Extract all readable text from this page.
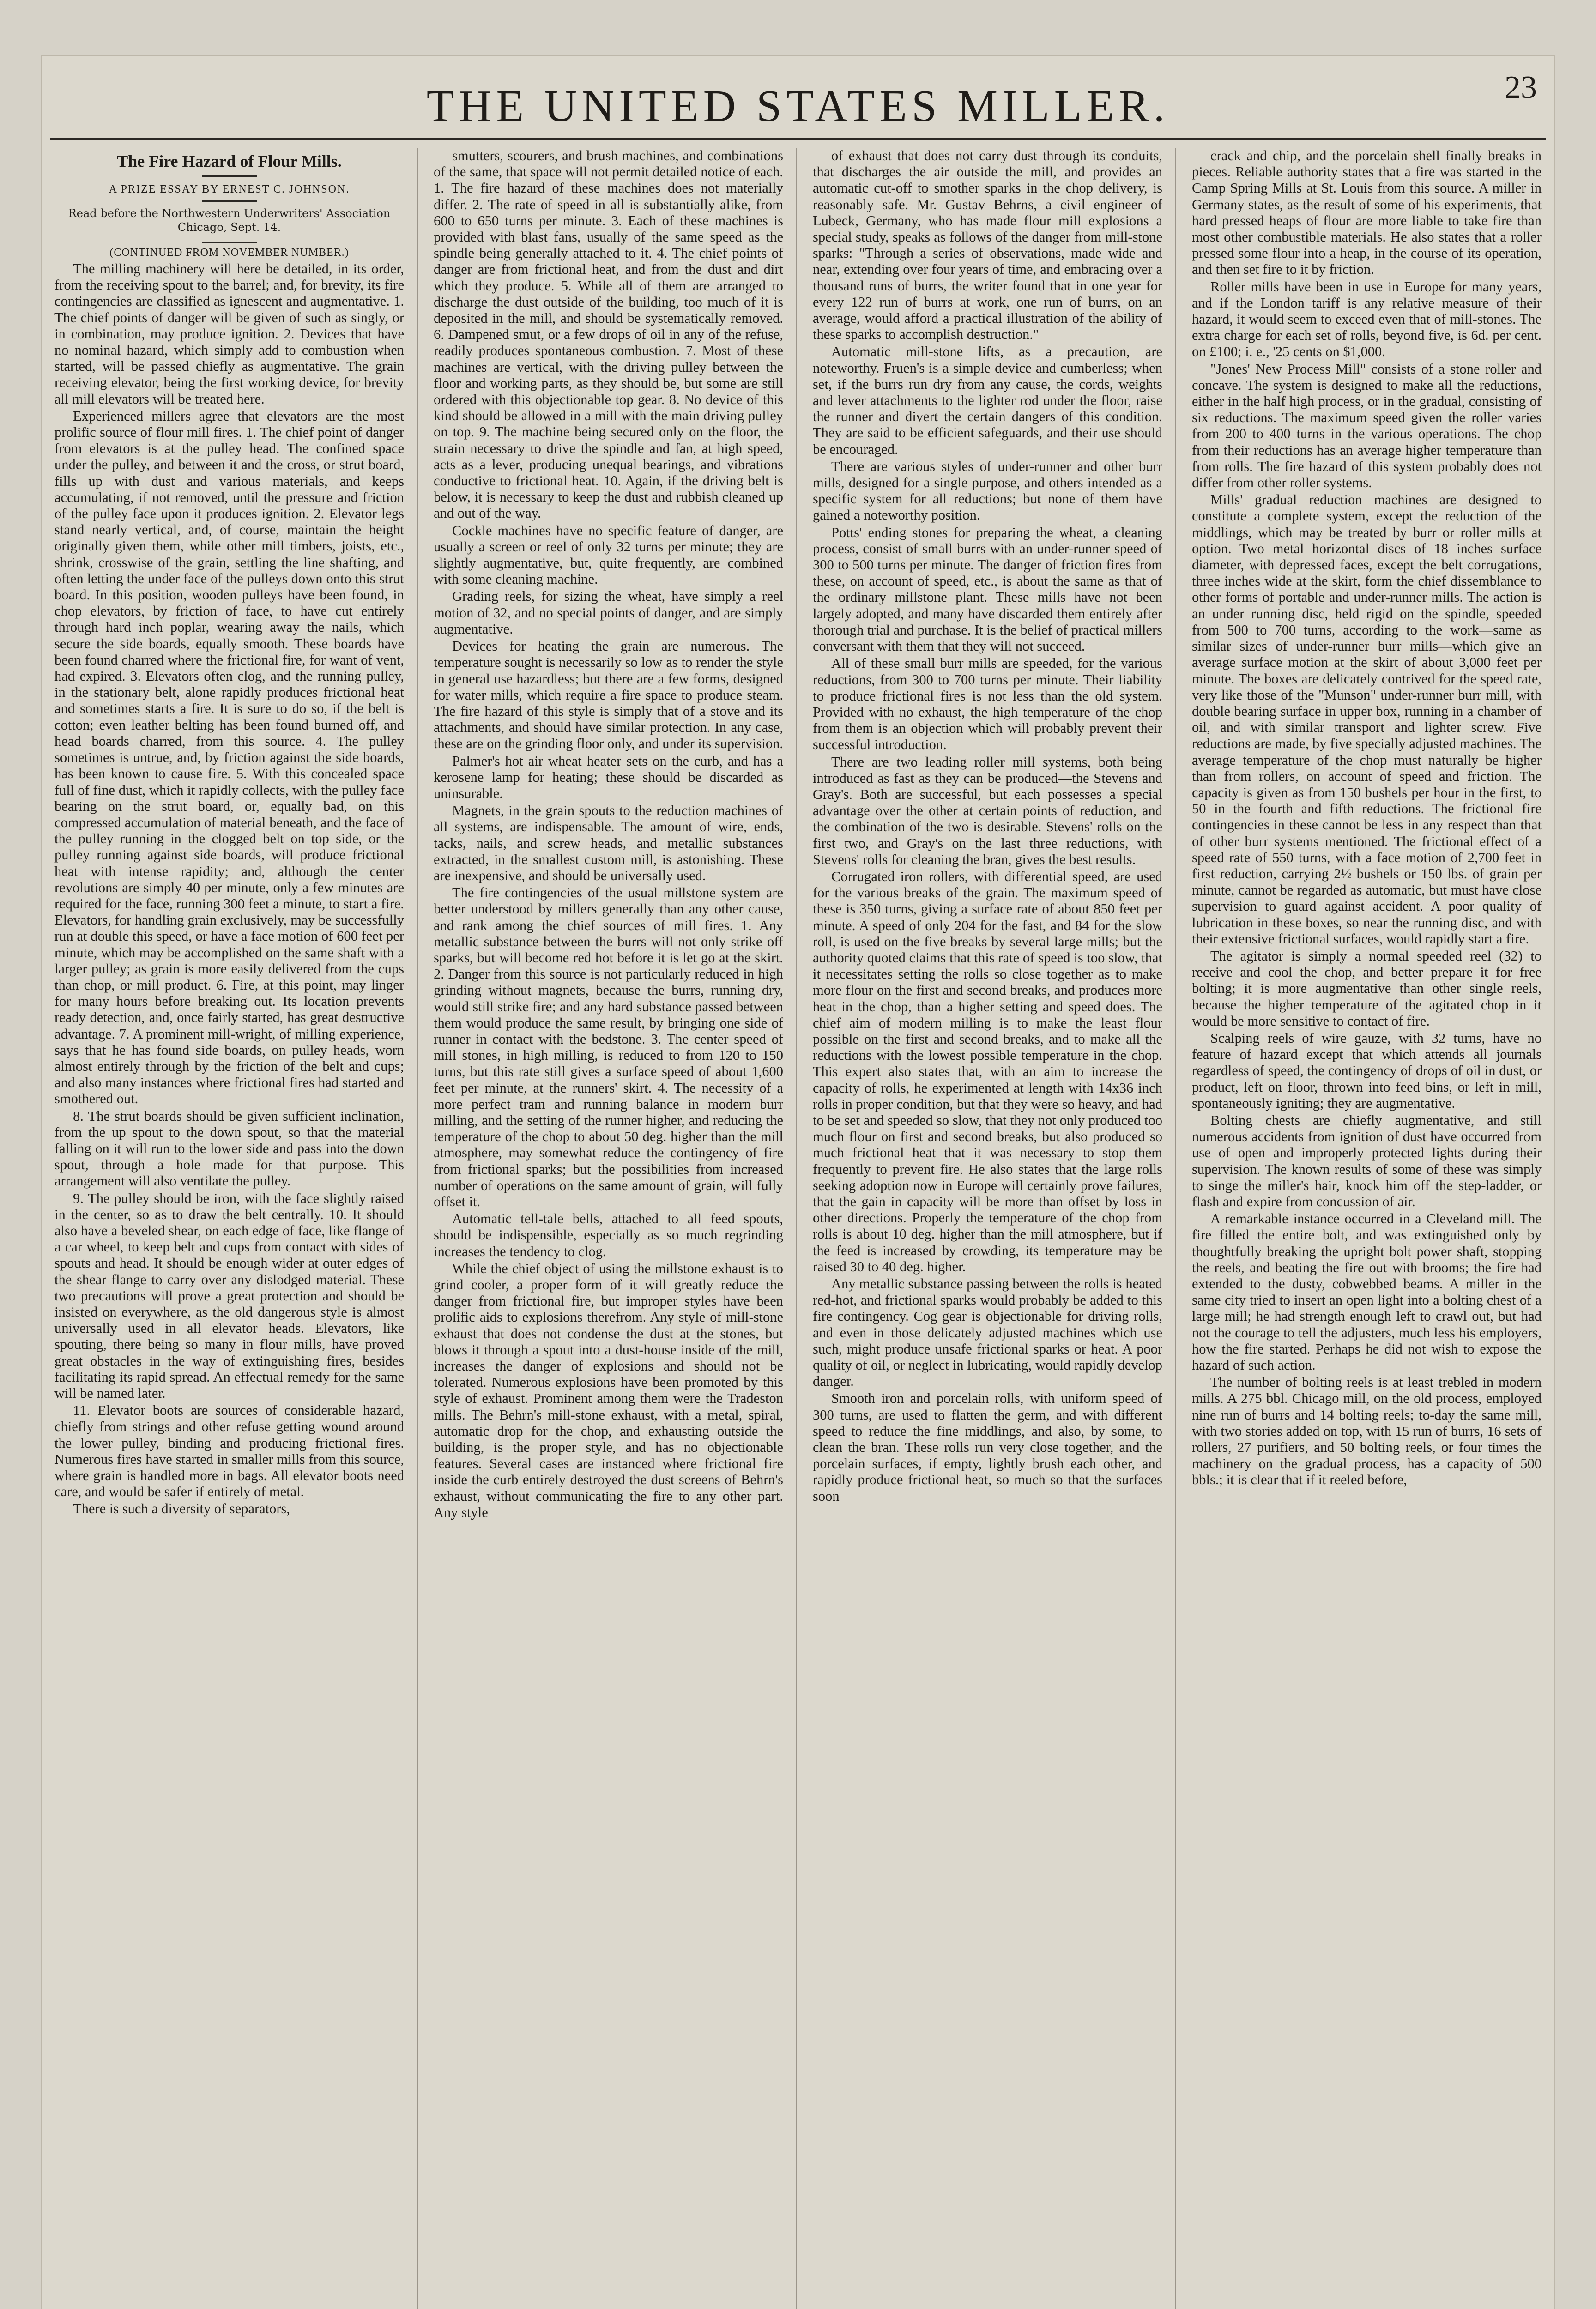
THE UNITED STATES MILLER.	23
The Fire Hazard of Flour Mills.
A PRIZE ESSAY BY ERNEST C. JOHNSON.
Read before the Northwestern Underwriters' Association Chicago, Sept. 14.
(CONTINUED FROM NOVEMBER NUMBER.)

The milling machinery will here be detailed, in its order, from the receiving spout to the barrel; and, for brevity, its fire contingencies are classified as ignescent and augmentative. 1. The chief points of danger will be given of such as singly, or in combination, may produce ignition. 2. Devices that have no nominal hazard, which simply add to combustion when started, will be passed chiefly as augmentative. The grain receiving elevator, being the first working device, for brevity all mill elevators will be treated here.

Experienced millers agree that elevators are the most prolific source of flour mill fires. 1. The chief point of danger from elevators is at the pulley head. The confined space under the pulley, and between it and the cross, or strut board, fills up with dust and various materials, and keeps accumulating, if not removed, until the pressure and friction of the pulley face upon it produces ignition. 2. Elevator legs stand nearly vertical, and, of course, maintain the height originally given them, while other mill timbers, joists, etc., shrink, crosswise of the grain, settling the line shafting, and often letting the under face of the pulleys down onto this strut board. In this position, wooden pulleys have been found, in chop elevators, by friction of face, to have cut entirely through hard inch poplar, wearing away the nails, which secure the side boards, equally smooth. These boards have been found charred where the frictional fire, for want of vent, had expired. 3. Elevators often clog, and the running pulley, in the stationary belt, alone rapidly produces frictional heat and sometimes starts a fire. It is sure to do so, if the belt is cotton; even leather belting has been found burned off, and head boards charred, from this source. 4. The pulley sometimes is untrue, and, by friction against the side boards, has been known to cause fire. 5. With this concealed space full of fine dust, which it rapidly collects, with the pulley face bearing on the strut board, or, equally bad, on this compressed accumulation of material beneath, and the face of the pulley running in the clogged belt on top side, or the pulley running against side boards, will produce frictional heat with intense rapidity; and, although the center revolutions are simply 40 per minute, only a few minutes are required for the face, running 300 feet a minute, to start a fire. Elevators, for handling grain exclusively, may be successfully run at double this speed, or have a face motion of 600 feet per minute, which may be accomplished on the same shaft with a larger pulley; as grain is more easily delivered from the cups than chop, or mill product. 6. Fire, at this point, may linger for many hours before breaking out. Its location prevents ready detection, and, once fairly started, has great destructive advantage. 7. A prominent mill-wright, of milling experience, says that he has found side boards, on pulley heads, worn almost entirely through by the friction of the belt and cups; and also many instances where frictional fires had started and smothered out.

8. The strut boards should be given sufficient inclination, from the up spout to the down spout, so that the material falling on it will run to the lower side and pass into the down spout, through a hole made for that purpose. This arrangement will also ventilate the pulley.

9. The pulley should be iron, with the face slightly raised in the center, so as to draw the belt centrally. 10. It should also have a beveled shear, on each edge of face, like flange of a car wheel, to keep belt and cups from contact with sides of spouts and head. It should be enough wider at outer edges of the shear flange to carry over any dislodged material. These two precautions will prove a great protection and should be insisted on everywhere, as the old dangerous style is almost universally used in all elevator heads. Elevators, like spouting, there being so many in flour mills, have proved great obstacles in the way of extinguishing fires, besides facilitating its rapid spread. An effectual remedy for the same will be named later.

11. Elevator boots are sources of considerable hazard, chiefly from strings and other refuse getting wound around the lower pulley, binding and producing frictional fires. Numerous fires have started in smaller mills from this source, where grain is handled more in bags. All elevator boots need care, and would be safer if entirely of metal.

There is such a diversity of separators,

smutters, scourers, and brush machines, and combinations of the same, that space will not permit detailed notice of each. 1. The fire hazard of these machines does not materially differ. 2. The rate of speed in all is substantially alike, from 600 to 650 turns per minute. 3. Each of these machines is provided with blast fans, usually of the same speed as the spindle being generally attached to it. 4. The chief points of danger are from frictional heat, and from the dust and dirt which they produce. 5. While all of them are arranged to discharge the dust outside of the building, too much of it is deposited in the mill, and should be systematically removed. 6. Dampened smut, or a few drops of oil in any of the refuse, readily produces spontaneous combustion. 7. Most of these machines are vertical, with the driving pulley between the floor and working parts, as they should be, but some are still ordered with this objectionable top gear. 8. No device of this kind should be allowed in a mill with the main driving pulley on top. 9. The machine being secured only on the floor, the strain necessary to drive the spindle and fan, at high speed, acts as a lever, producing unequal bearings, and vibrations conductive to frictional heat. 10. Again, if the driving belt is below, it is necessary to keep the dust and rubbish cleaned up and out of the way.

Cockle machines have no specific feature of danger, are usually a screen or reel of only 32 turns per minute; they are slightly augmentative, but, quite frequently, are combined with some cleaning machine.

Grading reels, for sizing the wheat, have simply a reel motion of 32, and no special points of danger, and are simply augmentative.

Devices for heating the grain are numerous. The temperature sought is necessarily so low as to render the style in general use hazardless; but there are a few forms, designed for water mills, which require a fire space to produce steam. The fire hazard of this style is simply that of a stove and its attachments, and should have similar protection. In any case, these are on the grinding floor only, and under its supervision.

Palmer's hot air wheat heater sets on the curb, and has a kerosene lamp for heating; these should be discarded as uninsurable.

Magnets, in the grain spouts to the reduction machines of all systems, are indispensable. The amount of wire, ends, tacks, nails, and screw heads, and metallic substances extracted, in the smallest custom mill, is astonishing. These are inexpensive, and should be universally used.

The fire contingencies of the usual millstone system are better understood by millers generally than any other cause, and rank among the chief sources of mill fires. 1. Any metallic substance between the burrs will not only strike off sparks, but will become red hot before it is let go at the skirt. 2. Danger from this source is not particularly reduced in high grinding without magnets, because the burrs, running dry, would still strike fire; and any hard substance passed between them would produce the same result, by bringing one side of runner in contact with the bedstone. 3. The center speed of mill stones, in high milling, is reduced to from 120 to 150 turns, but this rate still gives a surface speed of about 1,600 feet per minute, at the runners' skirt. 4. The necessity of a more perfect tram and running balance in modern burr milling, and the setting of the runner higher, and reducing the temperature of the chop to about 50 deg. higher than the mill atmosphere, may somewhat reduce the contingency of fire from frictional sparks; but the possibilities from increased number of operations on the same amount of grain, will fully offset it.

Automatic tell-tale bells, attached to all feed spouts, should be indispensible, especially as so much regrinding increases the tendency to clog.

While the chief object of using the millstone exhaust is to grind cooler, a proper form of it will greatly reduce the danger from frictional fire, but improper styles have been prolific aids to explosions therefrom. Any style of mill-stone exhaust that does not condense the dust at the stones, but blows it through a spout into a dust-house inside of the mill, increases the danger of explosions and should not be tolerated. Numerous explosions have been promoted by this style of exhaust. Prominent among them were the Tradeston mills. The Behrn's mill-stone exhaust, with a metal, spiral, automatic drop for the chop, and exhausting outside the building, is the proper style, and has no objectionable features. Several cases are instanced where frictional fire inside the curb entirely destroyed the dust screens of Behrn's exhaust, without communicating the fire to any other part. Any style

of exhaust that does not carry dust through its conduits, that discharges the air outside the mill, and provides an automatic cut-off to smother sparks in the chop delivery, is reasonably safe. Mr. Gustav Behrns, a civil engineer of Lubeck, Germany, who has made flour mill explosions a special study, speaks as follows of the danger from mill-stone sparks: "Through a series of observations, made wide and near, extending over four years of time, and embracing over a thousand runs of burrs, the writer found that in one year for every 122 run of burrs at work, one run of burrs, on an average, would afford a practical illustration of the ability of these sparks to accomplish destruction."

Automatic mill-stone lifts, as a precaution, are noteworthy. Fruen's is a simple device and cumberless; when set, if the burrs run dry from any cause, the cords, weights and lever attachments to the lighter rod under the floor, raise the runner and divert the certain dangers of this condition. They are said to be efficient safeguards, and their use should be encouraged.

There are various styles of under-runner and other burr mills, designed for a single purpose, and others intended as a specific system for all reductions; but none of them have gained a noteworthy position.

Potts' ending stones for preparing the wheat, a cleaning process, consist of small burrs with an under-runner speed of 300 to 500 turns per minute. The danger of friction fires from these, on account of speed, etc., is about the same as that of the ordinary millstone plant. These mills have not been largely adopted, and many have discarded them entirely after thorough trial and purchase. It is the belief of practical millers conversant with them that they will not succeed.

All of these small burr mills are speeded, for the various reductions, from 300 to 700 turns per minute. Their liability to produce frictional fires is not less than the old system. Provided with no exhaust, the high temperature of the chop from them is an objection which will probably prevent their successful introduction.

There are two leading roller mill systems, both being introduced as fast as they can be produced—the Stevens and Gray's. Both are successful, but each possesses a special advantage over the other at certain points of reduction, and the combination of the two is desirable. Stevens' rolls on the first two, and Gray's on the last three reductions, with Stevens' rolls for cleaning the bran, gives the best results.

Corrugated iron rollers, with differential speed, are used for the various breaks of the grain. The maximum speed of these is 350 turns, giving a surface rate of about 850 feet per minute. A speed of only 204 for the fast, and 84 for the slow roll, is used on the five breaks by several large mills; but the authority quoted claims that this rate of speed is too slow, that it necessitates setting the rolls so close together as to make more flour on the first and second breaks, and produces more heat in the chop, than a higher setting and speed does. The chief aim of modern milling is to make the least flour possible on the first and second breaks, and to make all the reductions with the lowest possible temperature in the chop. This expert also states that, with an aim to increase the capacity of rolls, he experimented at length with 14x36 inch rolls in proper condition, but that they were so heavy, and had to be set and speeded so slow, that they not only produced too much flour on first and second breaks, but also produced so much frictional heat that it was necessary to stop them frequently to prevent fire. He also states that the large rolls seeking adoption now in Europe will certainly prove failures, that the gain in capacity will be more than offset by loss in other directions. Properly the temperature of the chop from rolls is about 10 deg. higher than the mill atmosphere, but if the feed is increased by crowding, its temperature may be raised 30 to 40 deg. higher.

Any metallic substance passing between the rolls is heated red-hot, and frictional sparks would probably be added to this fire contingency. Cog gear is objectionable for driving rolls, and even in those delicately adjusted machines which use such, might produce unsafe frictional sparks or heat. A poor quality of oil, or neglect in lubricating, would rapidly develop danger.

Smooth iron and porcelain rolls, with uniform speed of 300 turns, are used to flatten the germ, and with different speed to reduce the fine middlings, and also, by some, to clean the bran. These rolls run very close together, and the porcelain surfaces, if empty, lightly brush each other, and rapidly produce frictional heat, so much so that the surfaces soon

crack and chip, and the porcelain shell finally breaks in pieces. Reliable authority states that a fire was started in the Camp Spring Mills at St. Louis from this source. A miller in Germany states, as the result of some of his experiments, that hard pressed heaps of flour are more liable to take fire than most other combustible materials. He also states that a roller pressed some flour into a heap, in the course of its operation, and then set fire to it by friction.

Roller mills have been in use in Europe for many years, and if the London tariff is any relative measure of their hazard, it would seem to exceed even that of mill-stones. The extra charge for each set of rolls, beyond five, is 6d. per cent. on £100; i. e., '25 cents on $1,000.

"Jones' New Process Mill" consists of a stone roller and concave. The system is designed to make all the reductions, either in the half high process, or in the gradual, consisting of six reductions. The maximum speed given the roller varies from 200 to 400 turns in the various operations. The chop from their reductions has an average higher temperature than from rolls. The fire hazard of this system probably does not differ from other roller systems.

Mills' gradual reduction machines are designed to constitute a complete system, except the reduction of the middlings, which may be treated by burr or roller mills at option. Two metal horizontal discs of 18 inches surface diameter, with depressed faces, except the belt corrugations, three inches wide at the skirt, form the chief dissemblance to other forms of portable and under-runner mills. The action is an under running disc, held rigid on the spindle, speeded from 500 to 700 turns, according to the work—same as similar sizes of under-runner burr mills—which give an average surface motion at the skirt of about 3,000 feet per minute. The boxes are delicately contrived for the speed rate, very like those of the "Munson" under-runner burr mill, with double bearing surface in upper box, running in a chamber of oil, and with similar transport and lighter screw. Five reductions are made, by five specially adjusted machines. The average temperature of the chop must naturally be higher than from rollers, on account of speed and friction. The capacity is given as from 150 bushels per hour in the first, to 50 in the fourth and fifth reductions. The frictional fire contingencies in these cannot be less in any respect than that of other burr systems mentioned. The frictional effect of a speed rate of 550 turns, with a face motion of 2,700 feet in first reduction, carrying 2½ bushels or 150 lbs. of grain per minute, cannot be regarded as automatic, but must have close supervision to guard against accident. A poor quality of lubrication in these boxes, so near the running disc, and with their extensive frictional surfaces, would rapidly start a fire.

The agitator is simply a normal speeded reel (32) to receive and cool the chop, and better prepare it for free bolting; it is more augmentative than other single reels, because the higher temperature of the agitated chop in it would be more sensitive to contact of fire.

Scalping reels of wire gauze, with 32 turns, have no feature of hazard except that which attends all journals regardless of speed, the contingency of drops of oil in dust, or product, left on floor, thrown into feed bins, or left in mill, spontaneously igniting; they are augmentative.

Bolting chests are chiefly augmentative, and still numerous accidents from ignition of dust have occurred from use of open and improperly protected lights during their supervision. The known results of some of these was simply to singe the miller's hair, knock him off the step-ladder, or flash and expire from concussion of air.

A remarkable instance occurred in a Cleveland mill. The fire filled the entire bolt, and was extinguished only by thoughtfully breaking the upright bolt power shaft, stopping the reels, and beating the fire out with brooms; the fire had extended to the dusty, cobwebbed beams. A miller in the same city tried to insert an open light into a bolting chest of a large mill; he had strength enough left to crawl out, but had not the courage to tell the adjusters, much less his employers, how the fire started. Perhaps he did not wish to expose the hazard of such action.

The number of bolting reels is at least trebled in modern mills. A 275 bbl. Chicago mill, on the old process, employed nine run of burrs and 14 bolting reels; to-day the same mill, with two stories added on top, with 15 run of burrs, 16 sets of rollers, 27 purifiers, and 50 bolting reels, or four times the machinery on the gradual process, has a capacity of 500 bbls.; it is clear that if it reeled before,
